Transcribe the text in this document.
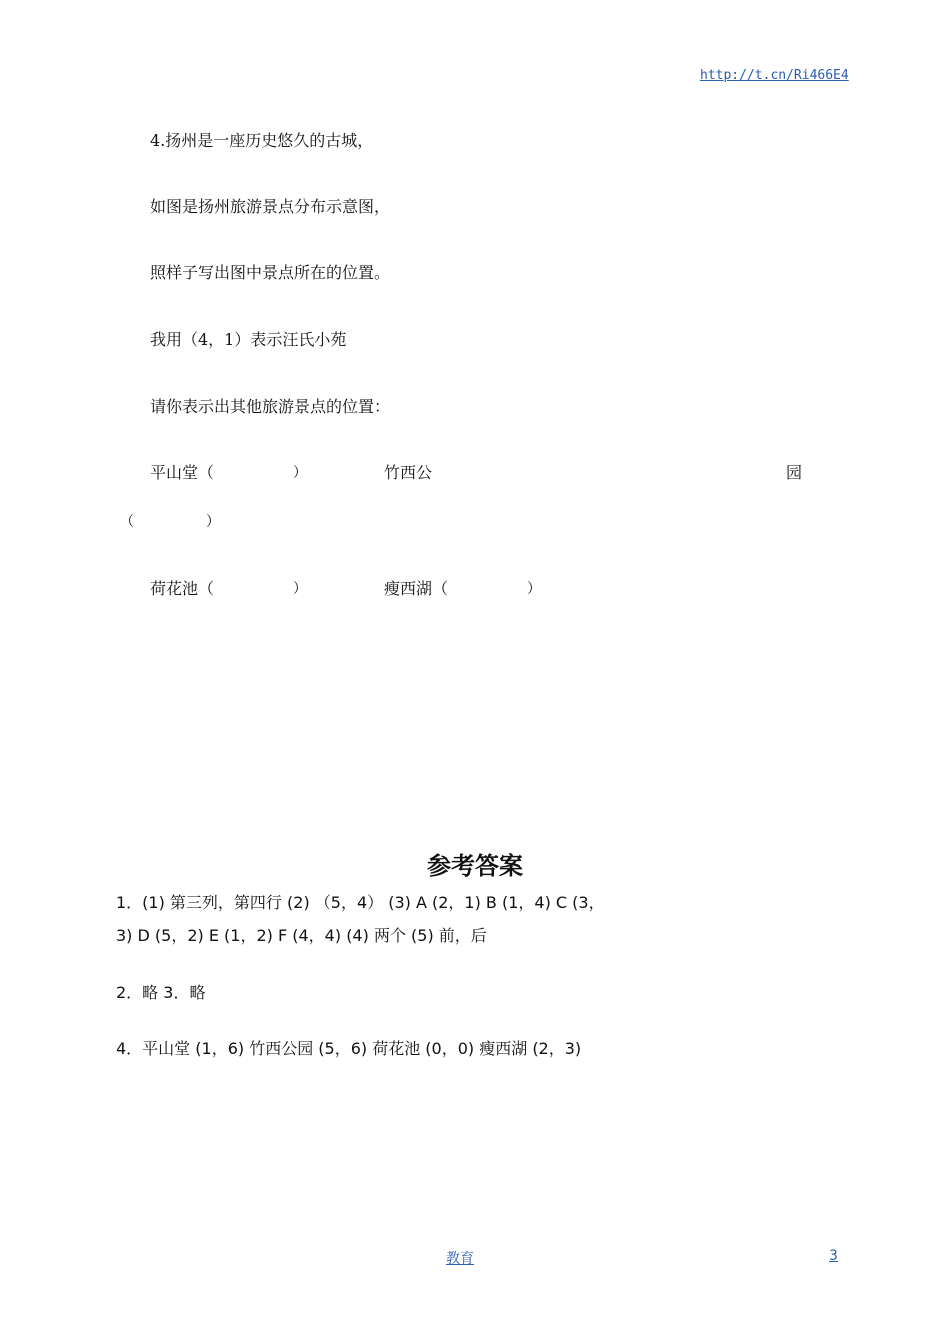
http://t.cn/Ri466E4
4.扬州是一座历史悠久的古城，
如图是扬州旅游景点分布示意图，
照样子写出图中景点所在的位置。
我用（4，1）表示汪氏小苑
请你表示出其他旅游景点的位置：
平山堂（	）	竹西公	园
（	）
荷花池（	）	瘦西湖（	）
参考答案
1．(1) 第三列，第四行 (2) （5，4） (3) A (2，1) B (1，4) C (3，
3) D (5，2) E (1，2) F (4，4) (4) 两个 (5) 前，后
2．略 3．略
4．平山堂 (1，6) 竹西公园 (5，6) 荷花池 (0，0) 瘦西湖 (2，3)
教育	3
